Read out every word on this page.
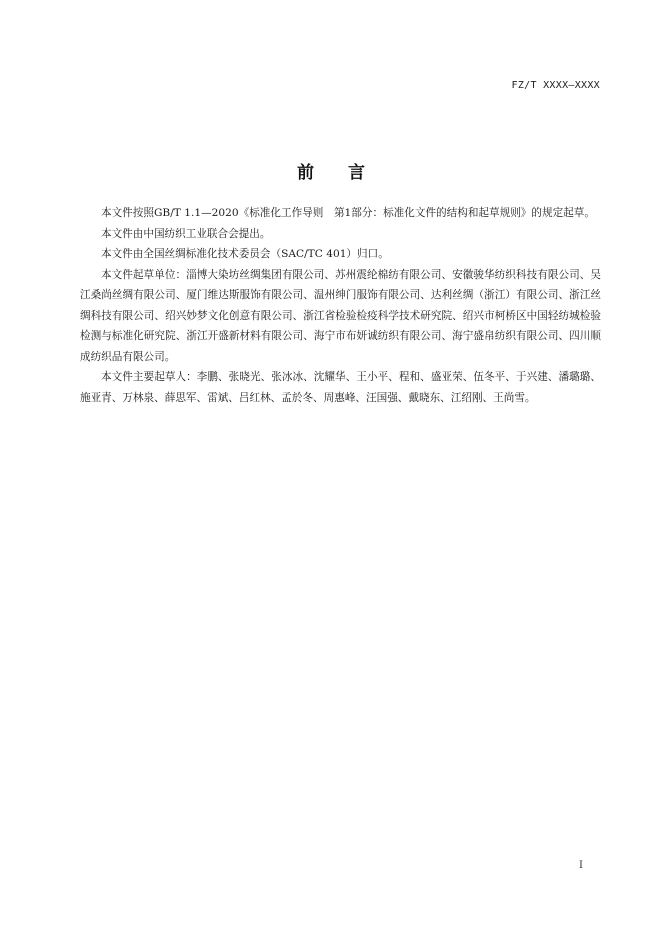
FZ/T XXXX—XXXX
前 言

本文件按照GB/T 1.1—2020《标准化工作导则　第1部分：标准化文件的结构和起草规则》的规定起草。

本文件由中国纺织工业联合会提出。

本文件由全国丝绸标准化技术委员会（SAC/TC 401）归口。

本文件起草单位：淄博大染坊丝绸集团有限公司、苏州震纶棉纺有限公司、安徽骏华纺织科技有限公司、吴江桑尚丝绸有限公司、厦门维达斯服饰有限公司、温州绅门服饰有限公司、达利丝绸（浙江）有限公司、浙江丝绸科技有限公司、绍兴妙梦文化创意有限公司、浙江省检验检疫科学技术研究院、绍兴市柯桥区中国轻纺城检验检测与标准化研究院、浙江开盛新材料有限公司、海宁市布妍诚纺织有限公司、海宁盛帛纺织有限公司、四川顺成纺织品有限公司。

本文件主要起草人：李鹏、张晓光、张冰冰、沈耀华、王小平、程和、盛亚荣、伍冬平、于兴建、潘璐璐、施亚青、万林泉、薛思军、雷斌、吕红林、孟於冬、周惠峰、汪国强、戴晓东、江绍刚、王尚雪。

I
